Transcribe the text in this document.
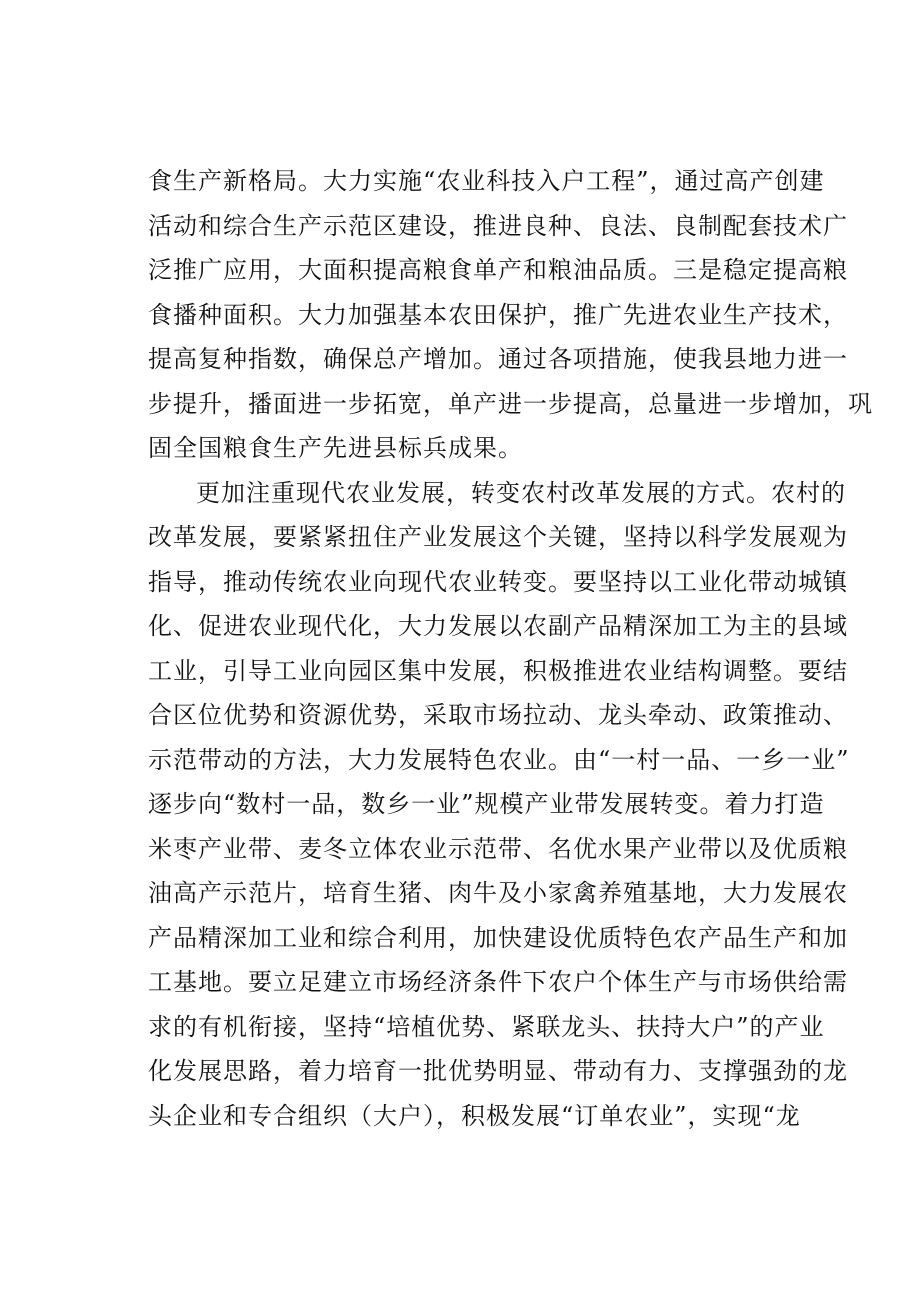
食生产新格局。大力实施“农业科技入户工程”，通过高产创建
活动和综合生产示范区建设，推进良种、良法、良制配套技术广
泛推广应用，大面积提高粮食单产和粮油品质。三是稳定提高粮
食播种面积。大力加强基本农田保护，推广先进农业生产技术，
提高复种指数，确保总产增加。通过各项措施，使我县地力进一
步提升，播面进一步拓宽，单产进一步提高，总量进一步增加，巩
固全国粮食生产先进县标兵成果。
更加注重现代农业发展，转变农村改革发展的方式。农村的
改革发展，要紧紧扭住产业发展这个关键，坚持以科学发展观为
指导，推动传统农业向现代农业转变。要坚持以工业化带动城镇
化、促进农业现代化，大力发展以农副产品精深加工为主的县域
工业，引导工业向园区集中发展，积极推进农业结构调整。要结
合区位优势和资源优势，采取市场拉动、龙头牵动、政策推动、
示范带动的方法，大力发展特色农业。由“一村一品、一乡一业”
逐步向“数村一品，数乡一业”规模产业带发展转变。着力打造
米枣产业带、麦冬立体农业示范带、名优水果产业带以及优质粮
油高产示范片，培育生猪、肉牛及小家禽养殖基地，大力发展农
产品精深加工业和综合利用，加快建设优质特色农产品生产和加
工基地。要立足建立市场经济条件下农户个体生产与市场供给需
求的有机衔接，坚持“培植优势、紧联龙头、扶持大户”的产业
化发展思路，着力培育一批优势明显、带动有力、支撑强劲的龙
头企业和专合组织（大户），积极发展“订单农业”，实现“龙
